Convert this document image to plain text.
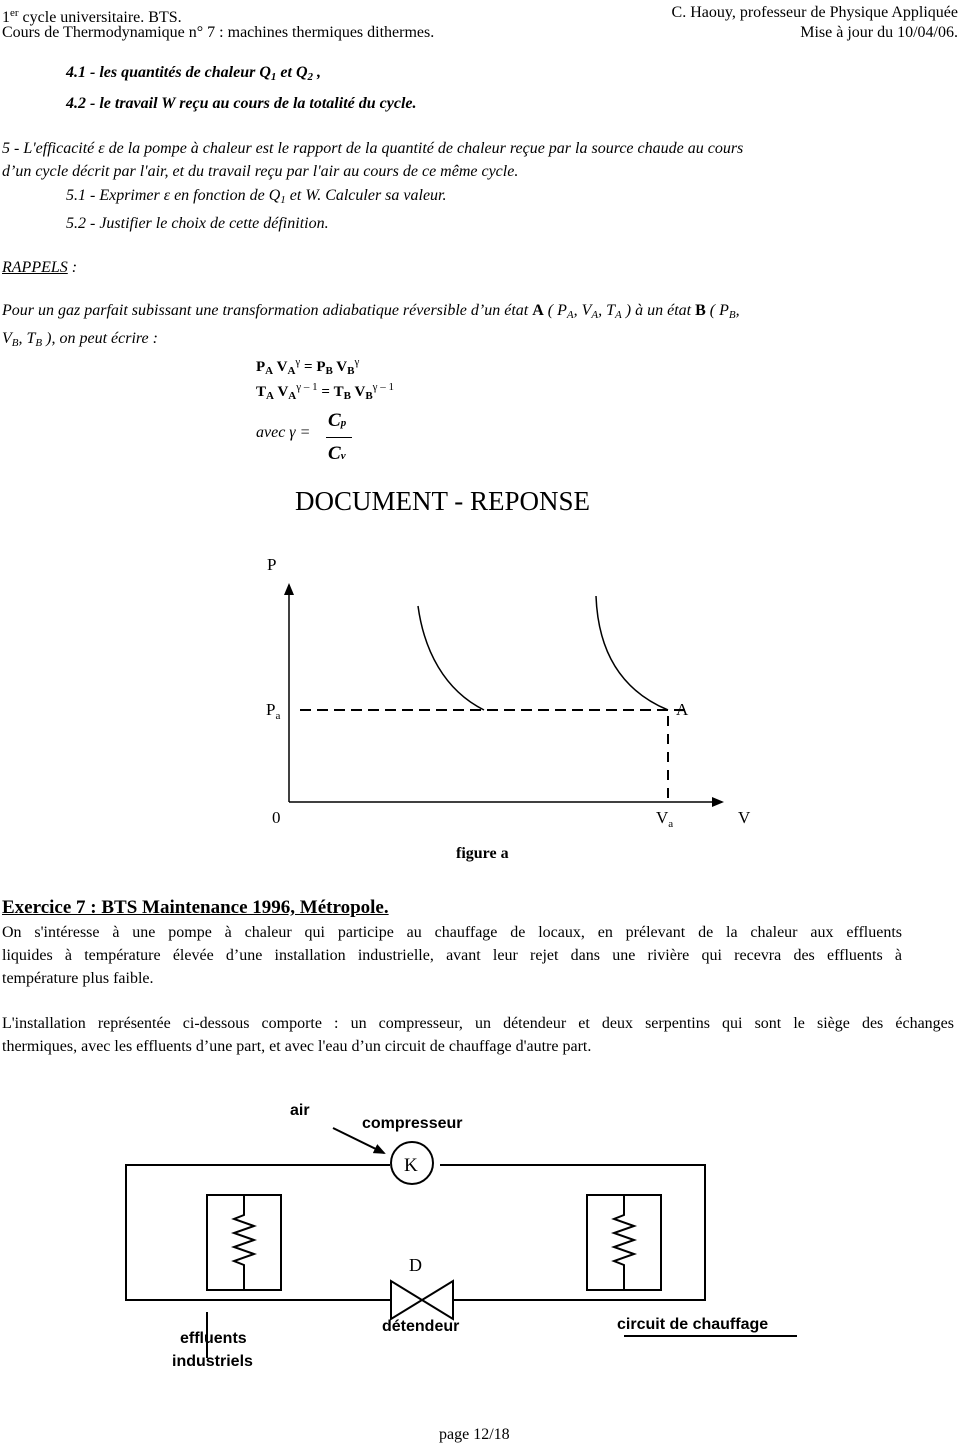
1er cycle universitaire. BTS.
Cours de Thermodynamique n° 7 : machines thermiques dithermes.
C. Haouy, professeur de Physique Appliquée
Mise à jour du 10/04/06.
4.1 - les quantités de chaleur $Q_1$ et $Q_2$ ,
4.2 - le travail W reçu au cours de la totalité du cycle.
5 - L'efficacité ε de la pompe à chaleur est le rapport de la quantité de chaleur reçue par la source chaude au cours
d’un cycle décrit par l'air, et du travail reçu par l'air au cours de ce même cycle.
5.1 - Exprimer ε en fonction de $Q_1$ et W. Calculer sa valeur.
5.2 - Justifier le choix de cette définition.
RAPPELS :
Pour un gaz parfait subissant une transformation adiabatique réversible d’un état A ( $P_A$, $V_A$, $T_A$ ) à un état B ( $P_B$,
$V_B$, $T_B$ ), on peut écrire :
$P_A$ $V_A^\gamma = P_B$ $V_B^\gamma$
$T_A$ $V_A^{\gamma - 1} = T_B$ $V_B^{\gamma - 1}$
avec γ =
Cp
Cv
DOCUMENT - REPONSE
P
$P_a$	A
0	$V_a$	V
figure a
Exercice 7 : BTS Maintenance 1996, Métropole.
On s'intéresse à une pompe à chaleur qui participe au chauffage de locaux, en prélevant de la chaleur aux effluents
liquides à température élevée d’une installation industrielle, avant leur rejet dans une rivière qui recevra des effluents à
température plus faible.
L'installation représentée ci-dessous comporte : un compresseur, un détendeur et deux serpentins qui sont le siège des échanges
thermiques, avec les effluents d’une part, et avec l'eau d’un circuit de chauffage d'autre part.
K
D
air
compresseur
détendeur
effluents
industriels
circuit de chauffage
page 12/18
